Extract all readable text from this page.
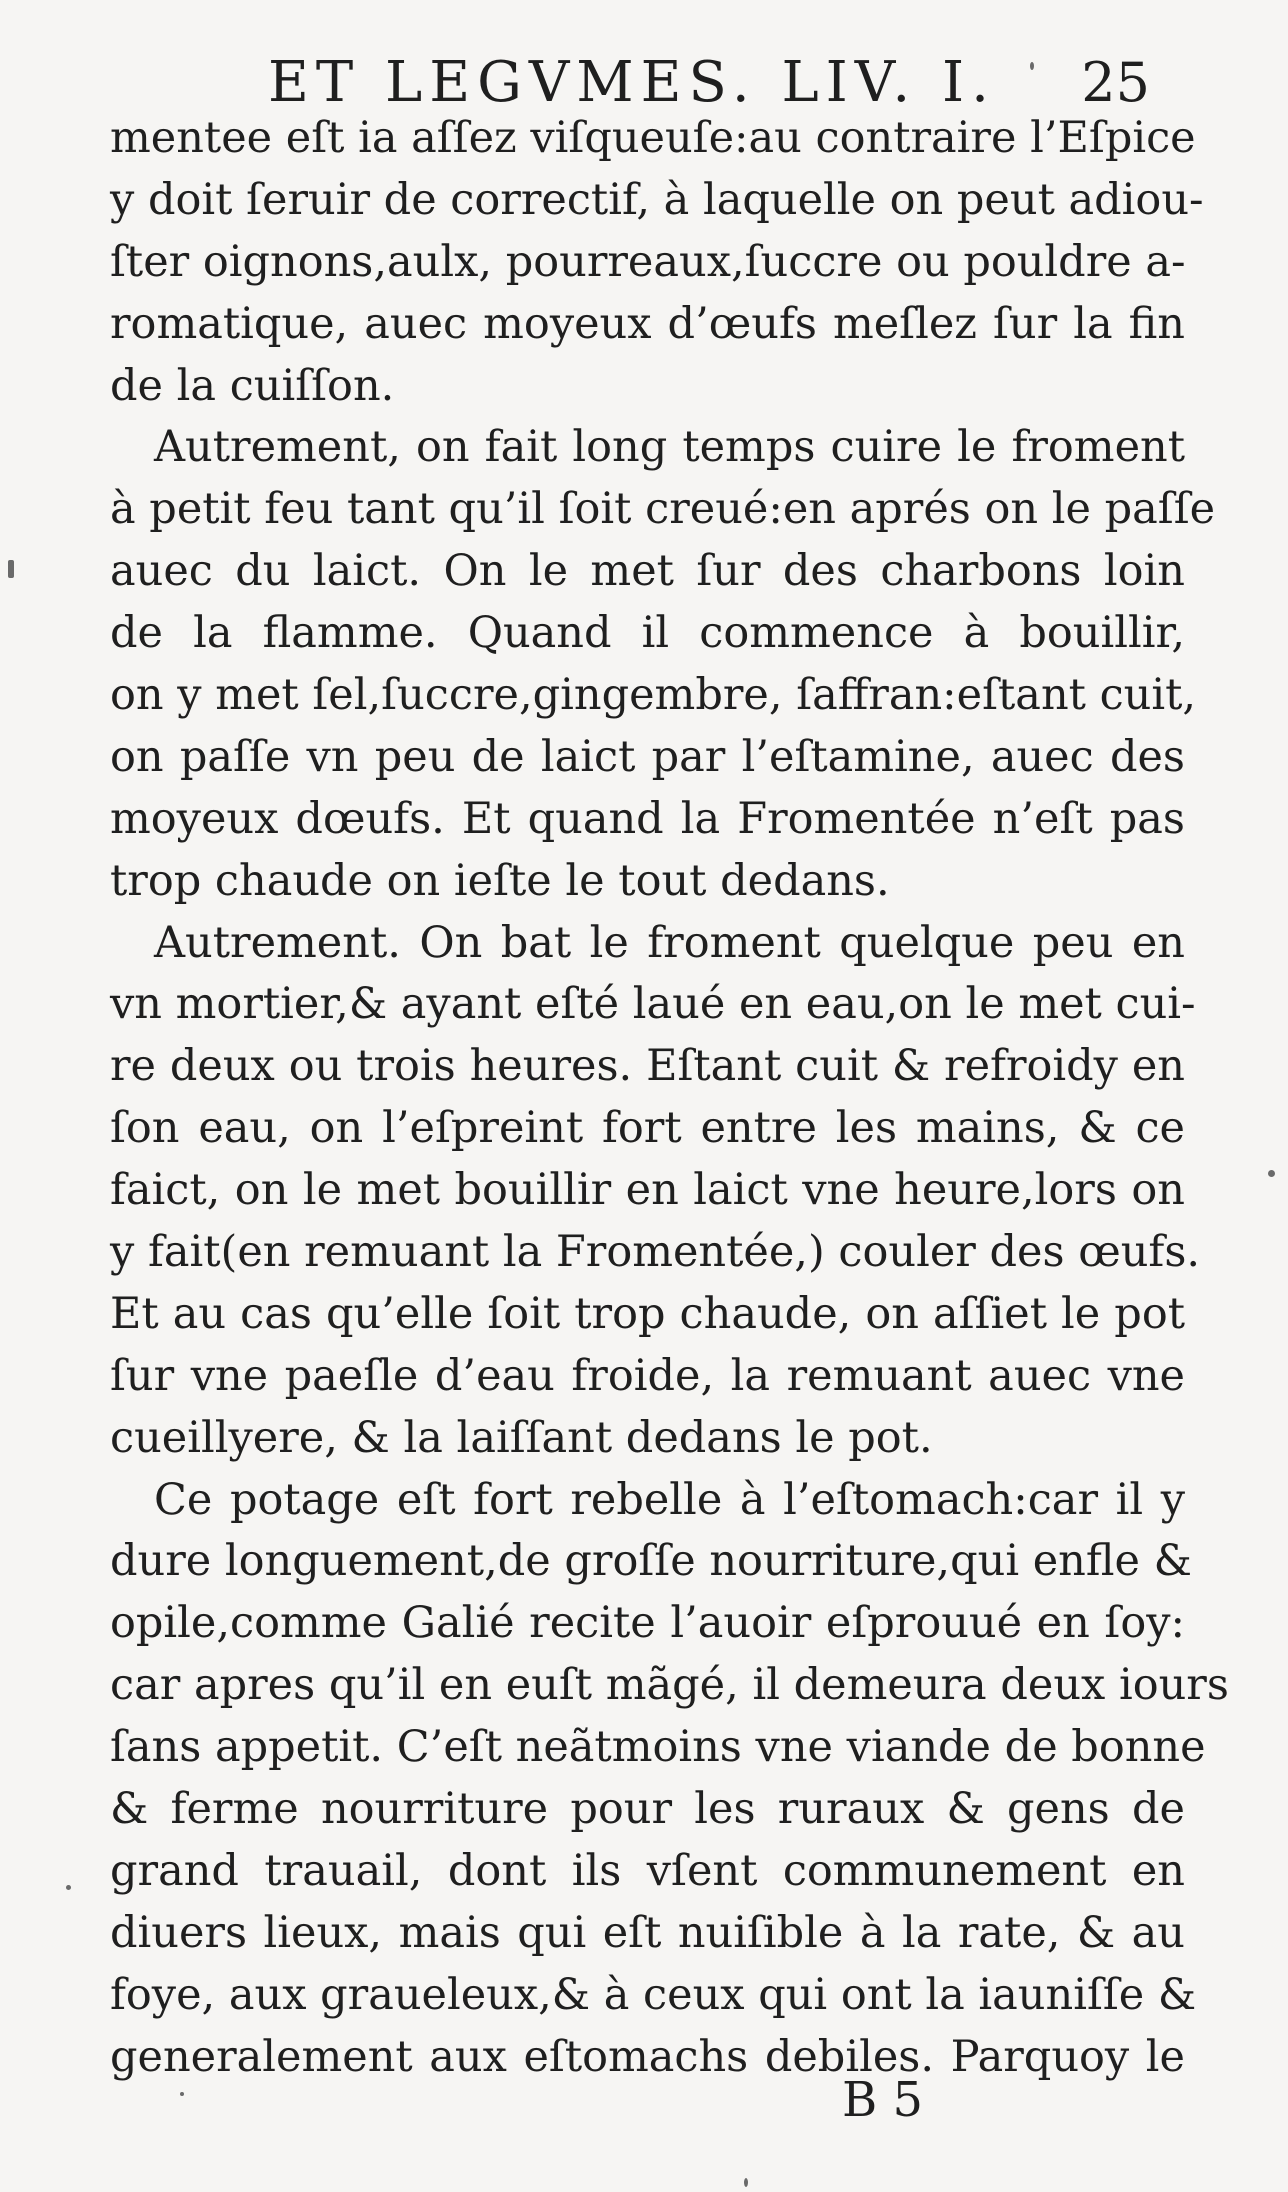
ET LEGVMES. LIV. I. 25
mentee eſt ia aſſez viſqueuſe:au contraire l’Eſpice
y doit ſeruir de correctif, à laquelle on peut adiou-
ſter oignons,aulx, pourreaux,ſuccre ou pouldre a-
romatique, auec moyeux d’œufs meſlez ſur la fin
de la cuiſſon.
Autrement, on fait long temps cuire le froment
à petit feu tant qu’il ſoit creué:en aprés on le paſſe
auec du laict. On le met ſur des charbons loin
de la flamme. Quand il commence à bouillir,
on y met ſel,ſuccre,gingembre, ſaffran:eſtant cuit,
on paſſe vn peu de laict par l’eſtamine, auec des
moyeux dœufs. Et quand la Fromentée n’eſt pas
trop chaude on ieſte le tout dedans.
Autrement. On bat le froment quelque peu en
vn mortier,& ayant eſté laué en eau,on le met cui-
re deux ou trois heures. Eſtant cuit & refroidy en
ſon eau, on l’eſpreint fort entre les mains, & ce
faict, on le met bouillir en laict vne heure,lors on
y fait(en remuant la Fromentée,) couler des œufs.
Et au cas qu’elle ſoit trop chaude, on aſſiet le pot
ſur vne paeſle d’eau froide, la remuant auec vne
cueillyere, & la laiſſant dedans le pot.
Ce potage eſt fort rebelle à l’eſtomach:car il y
dure longuement,de groſſe nourriture,qui enfle &
opile,comme Galié recite l’auoir eſprouué en ſoy:
car apres qu’il en euſt mãgé, il demeura deux iours
ſans appetit. C’eſt neãtmoins vne viande de bonne
& ferme nourriture pour les ruraux & gens de
grand trauail, dont ils vſent communement en
diuers lieux, mais qui eſt nuiſible à la rate, & au
foye, aux graueleux,& à ceux qui ont la iauniſſe &
generalement aux eſtomachs debiles. Parquoy le
B 5
